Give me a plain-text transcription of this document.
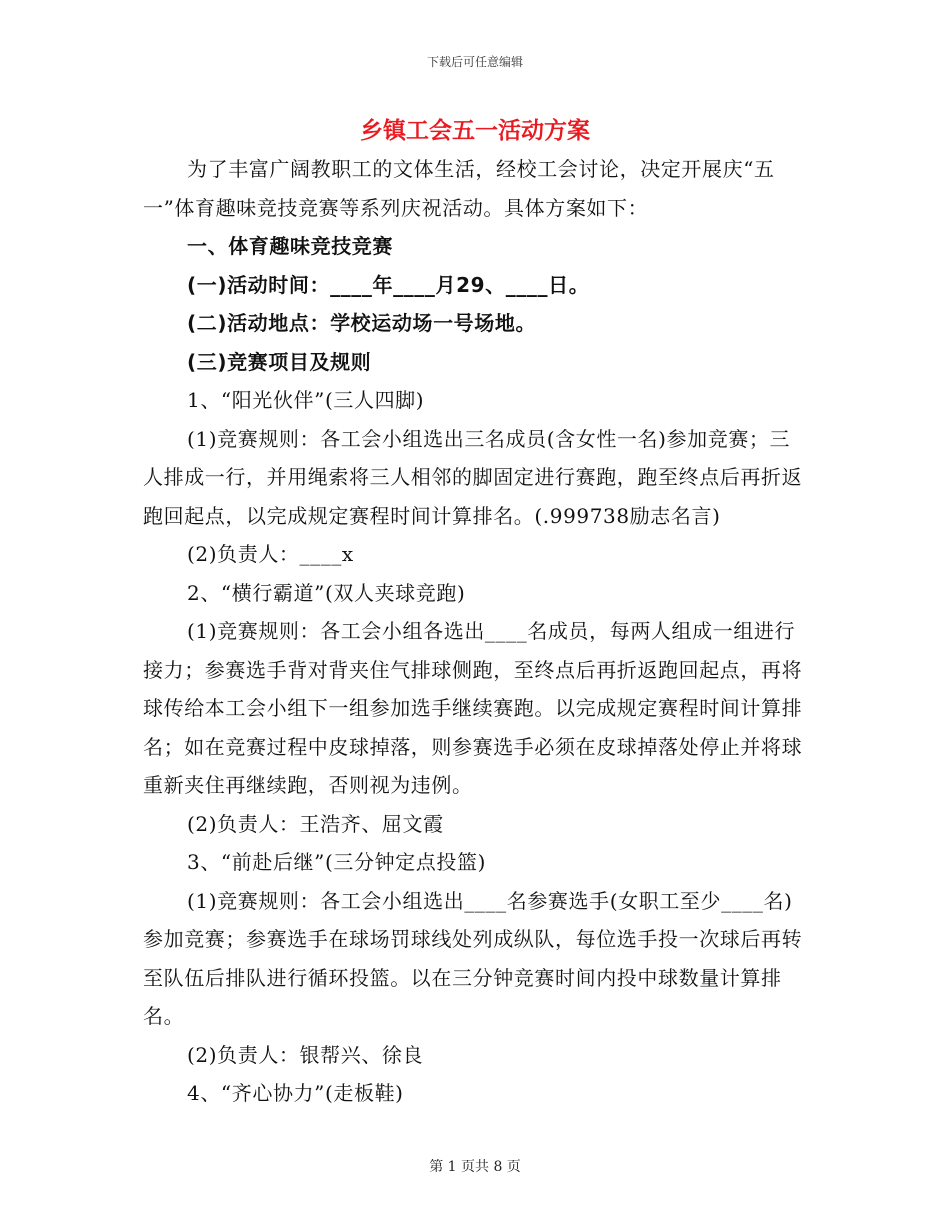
下载后可任意编辑
乡镇工会五一活动方案

为了丰富广阔教职工的文体生活，经校工会讨论，决定开展庆“五一”体育趣味竞技竞赛等系列庆祝活动。具体方案如下：

一、体育趣味竞技竞赛

(一)活动时间：____年____月29、____日。

(二)活动地点：学校运动场一号场地。

(三)竞赛项目及规则

1、“阳光伙伴”(三人四脚)

(1)竞赛规则：各工会小组选出三名成员(含女性一名)参加竞赛；三人排成一行，并用绳索将三人相邻的脚固定进行赛跑，跑至终点后再折返跑回起点，以完成规定赛程时间计算排名。(.999738励志名言)

(2)负责人：____x

2、“横行霸道”(双人夹球竞跑)

(1)竞赛规则：各工会小组各选出____名成员，每两人组成一组进行接力；参赛选手背对背夹住气排球侧跑，至终点后再折返跑回起点，再将球传给本工会小组下一组参加选手继续赛跑。以完成规定赛程时间计算排名；如在竞赛过程中皮球掉落，则参赛选手必须在皮球掉落处停止并将球重新夹住再继续跑，否则视为违例。

(2)负责人：王浩齐、屈文霞

3、“前赴后继”(三分钟定点投篮)

(1)竞赛规则：各工会小组选出____名参赛选手(女职工至少____名)参加竞赛；参赛选手在球场罚球线处列成纵队，每位选手投一次球后再转至队伍后排队进行循环投篮。以在三分钟竞赛时间内投中球数量计算排名。

(2)负责人：银帮兴、徐良

4、“齐心协力”(走板鞋)

第 1 页共 8 页
